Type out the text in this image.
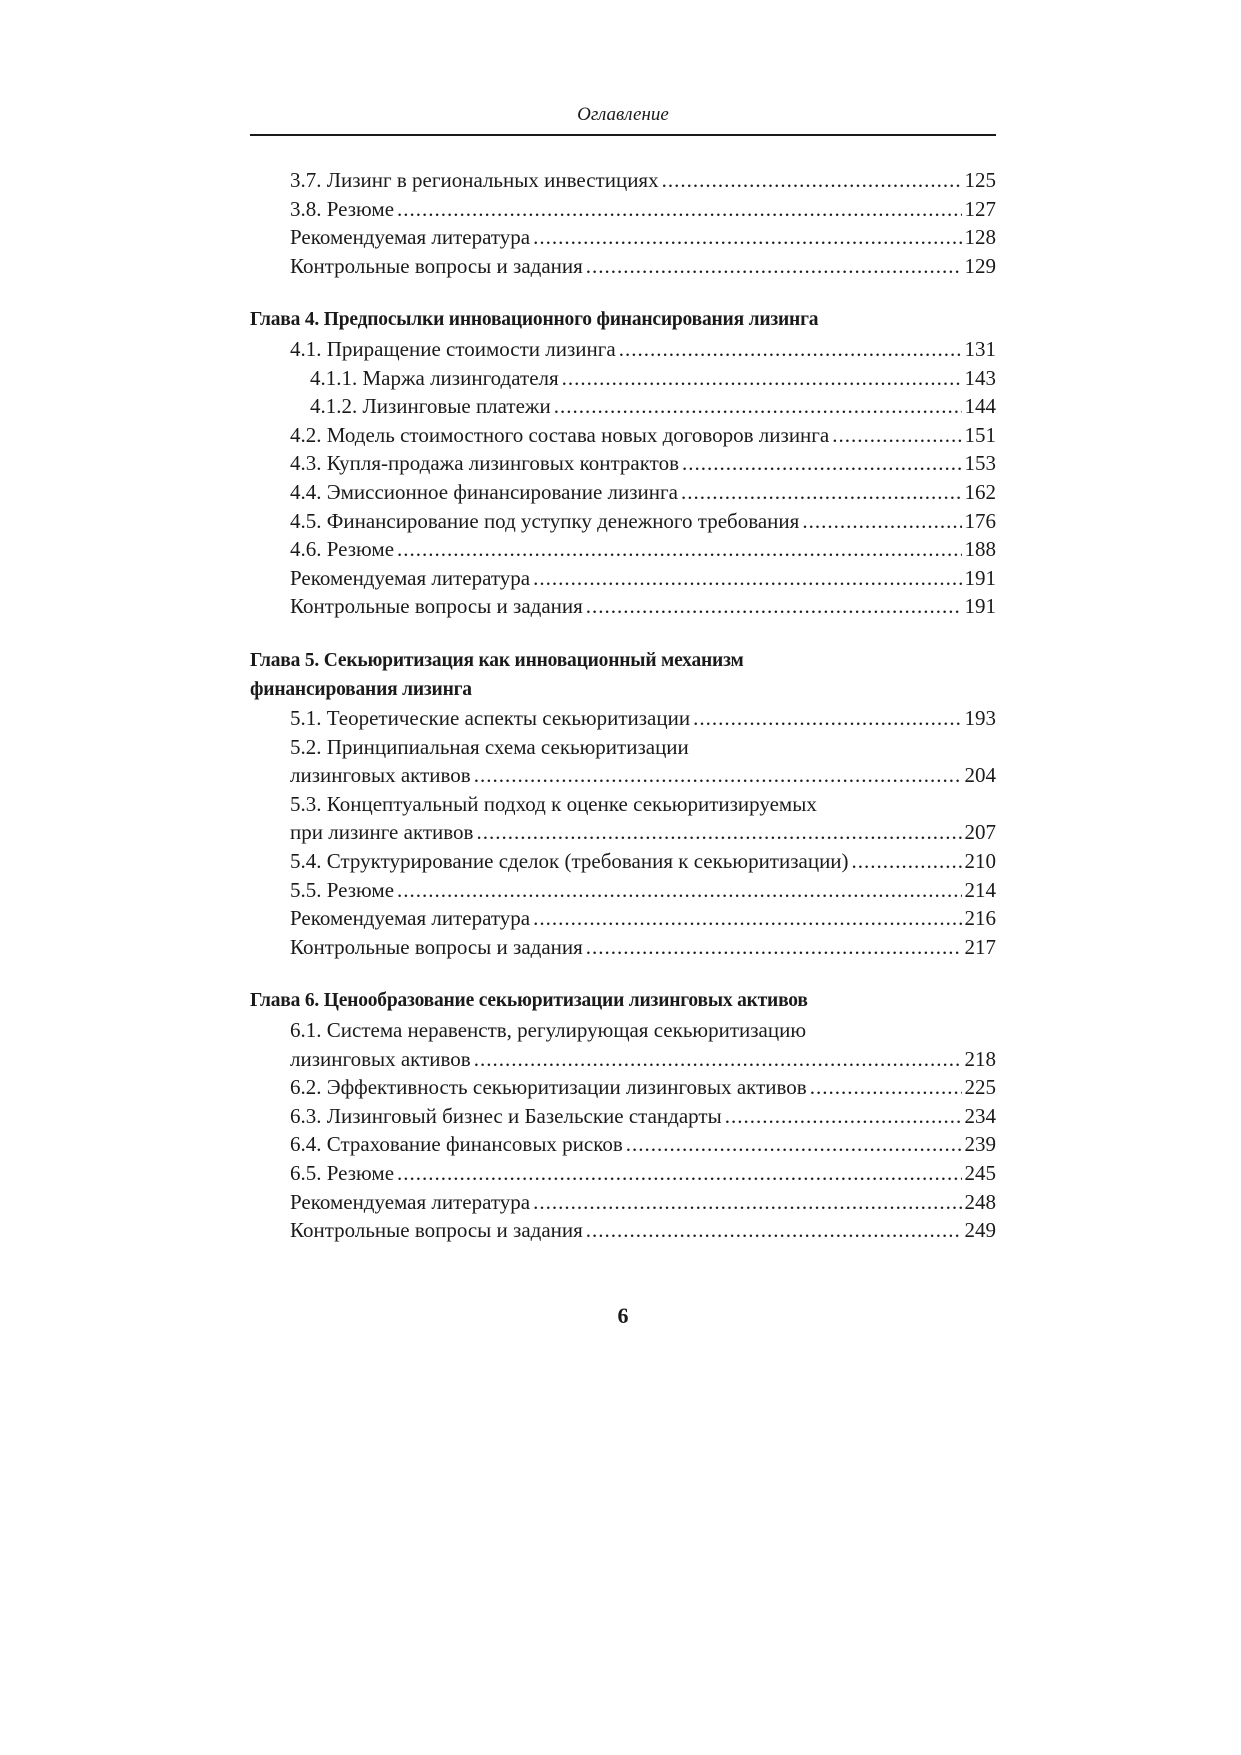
Оглавление
3.7. Лизинг в региональных инвестициях .....	125
3.8. Резюме .....	127
Рекомендуемая литература .....	128
Контрольные вопросы и задания .....	129
Глава 4. Предпосылки инновационного финансирования лизинга
4.1. Приращение стоимости лизинга .....	131
4.1.1. Маржа лизингодателя .....	143
4.1.2. Лизинговые платежи .....	144
4.2. Модель стоимостного состава новых договоров лизинга .....	151
4.3. Купля-продажа лизинговых контрактов .....	153
4.4. Эмиссионное финансирование лизинга .....	162
4.5. Финансирование под уступку денежного требования .....	176
4.6. Резюме .....	188
Рекомендуемая литература .....	191
Контрольные вопросы и задания .....	191
Глава 5. Секьюритизация как инновационный механизм
финансирования лизинга
5.1. Теоретические аспекты секьюритизации .....	193
5.2. Принципиальная схема секьюритизации
лизинговых активов .....	204
5.3. Концептуальный подход к оценке секьюритизируемых
при лизинге активов .....	207
5.4. Структурирование сделок (требования к секьюритизации) .....	210
5.5. Резюме .....	214
Рекомендуемая литература .....	216
Контрольные вопросы и задания .....	217
Глава 6. Ценообразование секьюритизации лизинговых активов
6.1. Система неравенств, регулирующая секьюритизацию
лизинговых активов .....	218
6.2. Эффективность секьюритизации лизинговых активов .....	225
6.3. Лизинговый бизнес и Базельские стандарты .....	234
6.4. Страхование финансовых рисков .....	239
6.5. Резюме .....	245
Рекомендуемая литература .....	248
Контрольные вопросы и задания .....	249
6
